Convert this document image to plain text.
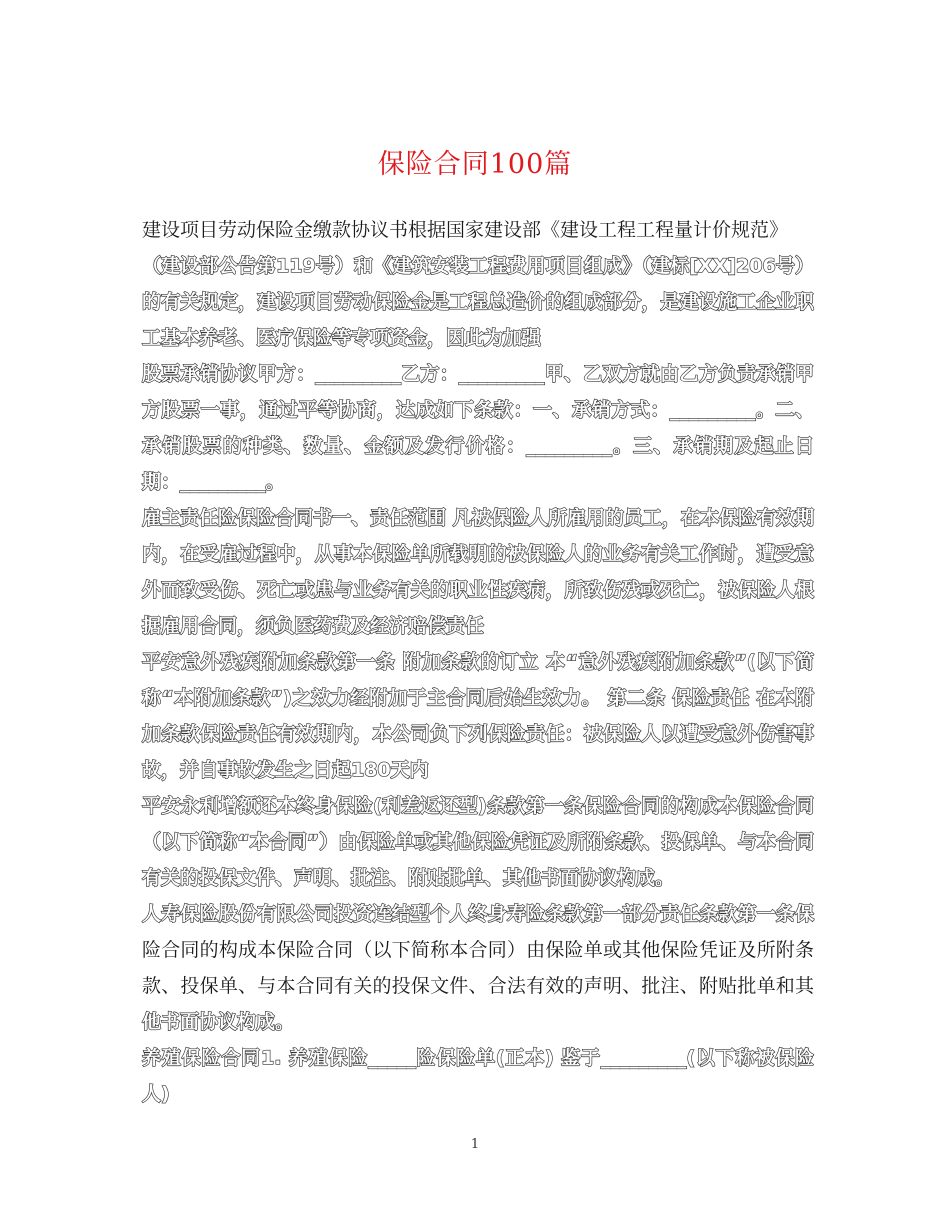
保险合同100篇

建设项目劳动保险金缴款协议书根据国家建设部《建设工程工程量计价规范》

（建设部公告第119号）和《建筑安装工程费用项目组成》（建标[XX]206号）的有关规定，建设项目劳动保险金是工程总造价的组成部分，是建设施工企业职工基本养老、医疗保险等专项资金，因此为加强

股票承销协议甲方：_________乙方：_________甲、乙双方就由乙方负责承销甲方股票一事，通过平等协商，达成如下条款：一、承销方式：_________。二、承销股票的种类、数量、金额及发行价格：_________。三、承销期及起止日期：_________。

雇主责任险保险合同书一、责任范围 凡被保险人所雇用的员工，在本保险有效期内，在受雇过程中，从事本保险单所载明的被保险人的业务有关工作时，遭受意外而致受伤、死亡或患与业务有关的职业性疾病，所致伤残或死亡，被保险人根据雇用合同，须负医药费及经济赔偿责任

平安意外残疾附加条款第一条 附加条款的订立 本“意外残疾附加条款”(以下简称“本附加条款”)之效力经附加于主合同后始生效力。 第二条 保险责任 在本附加条款保险责任有效期内，本公司负下列保险责任：被保险人以遭受意外伤害事故，并自事故发生之日起180天内

平安永利增额还本终身保险(利差返还型)条款第一条保险合同的构成本保险合同（以下简称“本合同”）由保险单或其他保险凭证及所附条款、投保单、与本合同有关的投保文件、声明、批注、附贴批单、其他书面协议构成。

人寿保险股份有限公司投资连结型个人终身寿险条款第一部分责任条款第一条保险合同的构成本保险合同（以下简称本合同）由保险单或其他保险凭证及所附条款、投保单、与本合同有关的投保文件、合法有效的声明、批注、附贴批单和其他书面协议构成。

养殖保险合同1. 养殖保险_____险保险单(正本) 鉴于_________(以下称被保险人)

1
